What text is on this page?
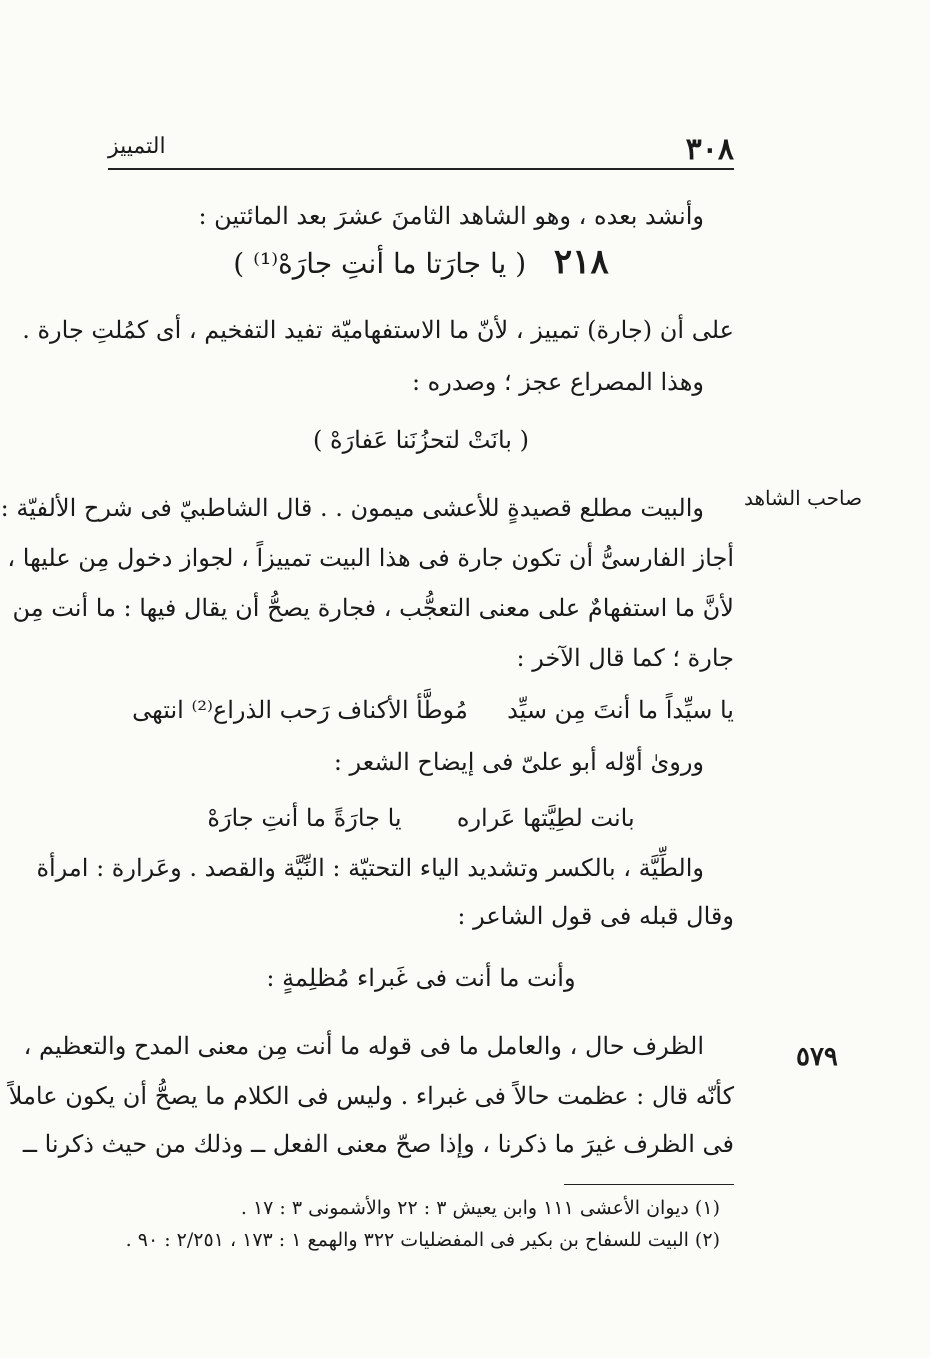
٣٠٨
التمييز
وأنشد بعده ، وهو الشاهد الثامنَ عشرَ بعد المائتين :
٢١٨ ( يا جارَتا ما أنتِ جارَهْ⁽¹⁾ )
على أن (جارة) تمييز ، لأنّ ما الاستفهاميّة تفيد التفخيم ، أى كمُلتِ جارة .
وهذا المصراع عجز ؛ وصدره :
( بانَتْ لتحزُنَنا عَفارَهْ )
صاحب الشاهد
والبيت مطلع قصيدةٍ للأعشى ميمون . . قال الشاطبيّ فى شرح الألفيّة :
أجاز الفارسىُّ أن تكون جارة فى هذا البيت تمييزاً ، لجواز دخول مِن عليها ،
لأنَّ ما استفهامٌ على معنى التعجُّب ، فجارة يصحُّ أن يقال فيها : ما أنت مِن
جارة ؛ كما قال الآخر :
يا سيِّداً ما أنتَ مِن سيِّد  مُوطَّأ الأكناف رَحب الذراع⁽²⁾ انتهى
وروىٰ أوّله أبو علىّ فى إيضاح الشعر :
بانت لطِيَّتها عَراره  يا جارَةً ما أنتِ جارَهْ
والطِّيَّة ، بالكسر وتشديد الياء التحتيّة : النِّيَّة والقصد . وعَرارة : امرأة
وقال قبله فى قول الشاعر :
وأنت ما أنت فى غَبراء مُظلِمةٍ :
٥٧٩
الظرف حال ، والعامل ما فى قوله ما أنت مِن معنى المدح والتعظيم ،
كأنّه قال : عظمت حالاً فى غبراء . وليس فى الكلام ما يصحُّ أن يكون عاملاً
فى الظرف غيرَ ما ذكرنا ، وإذا صحّ معنى الفعل ــ وذلك من حيث ذكرنا ــ
(١) ديوان الأعشى ١١١ وابن يعيش ٣ : ٢٢ والأشمونى ٣ : ١٧ .
(٢) البيت للسفاح بن بكير فى المفضليات ٣٢٢ والهمع ١ : ١٧٣ ، ٢/٢٥١ : ٩٠ .
